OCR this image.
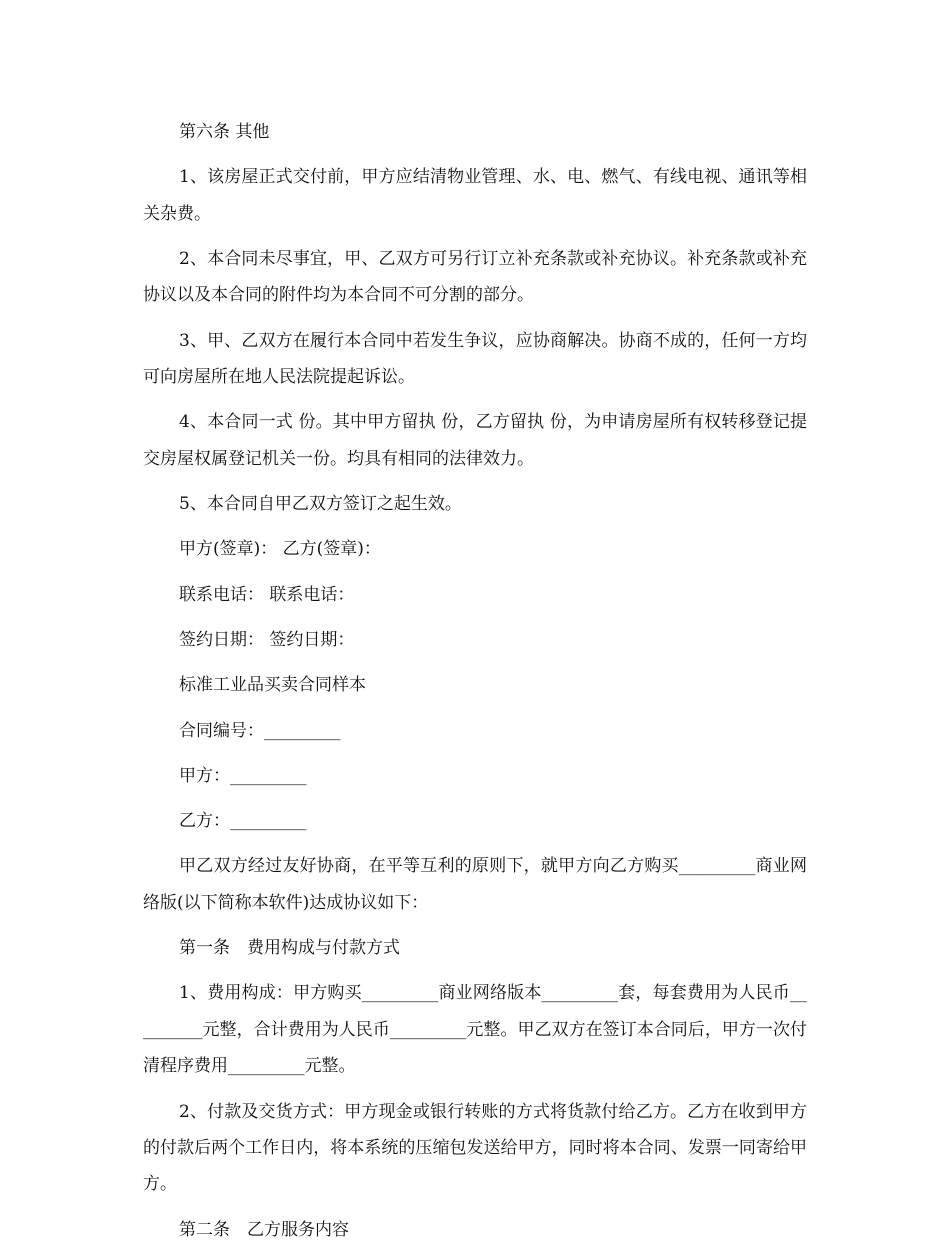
第六条 其他

1、该房屋正式交付前，甲方应结清物业管理、水、电、燃气、有线电视、通讯等相关杂费。

2、本合同未尽事宜，甲、乙双方可另行订立补充条款或补充协议。补充条款或补充协议以及本合同的附件均为本合同不可分割的部分。

3、甲、乙双方在履行本合同中若发生争议，应协商解决。协商不成的，任何一方均可向房屋所在地人民法院提起诉讼。

4、本合同一式 份。其中甲方留执 份，乙方留执 份，为申请房屋所有权转移登记提交房屋权属登记机关一份。均具有相同的法律效力。

5、本合同自甲乙双方签订之起生效。

甲方(签章)： 乙方(签章)：

联系电话： 联系电话：

签约日期： 签约日期：

标准工业品买卖合同样本

合同编号：_________

甲方：_________

乙方：_________

甲乙双方经过友好协商，在平等互利的原则下，就甲方向乙方购买_________商业网络版(以下简称本软件)达成协议如下：

第一条　费用构成与付款方式

1、费用构成：甲方购买_________商业网络版本_________套，每套费用为人民币_________元整，合计费用为人民币_________元整。甲乙双方在签订本合同后，甲方一次付清程序费用_________元整。

2、付款及交货方式：甲方现金或银行转账的方式将货款付给乙方。乙方在收到甲方的付款后两个工作日内，将本系统的压缩包发送给甲方，同时将本合同、发票一同寄给甲方。

第二条　乙方服务内容
